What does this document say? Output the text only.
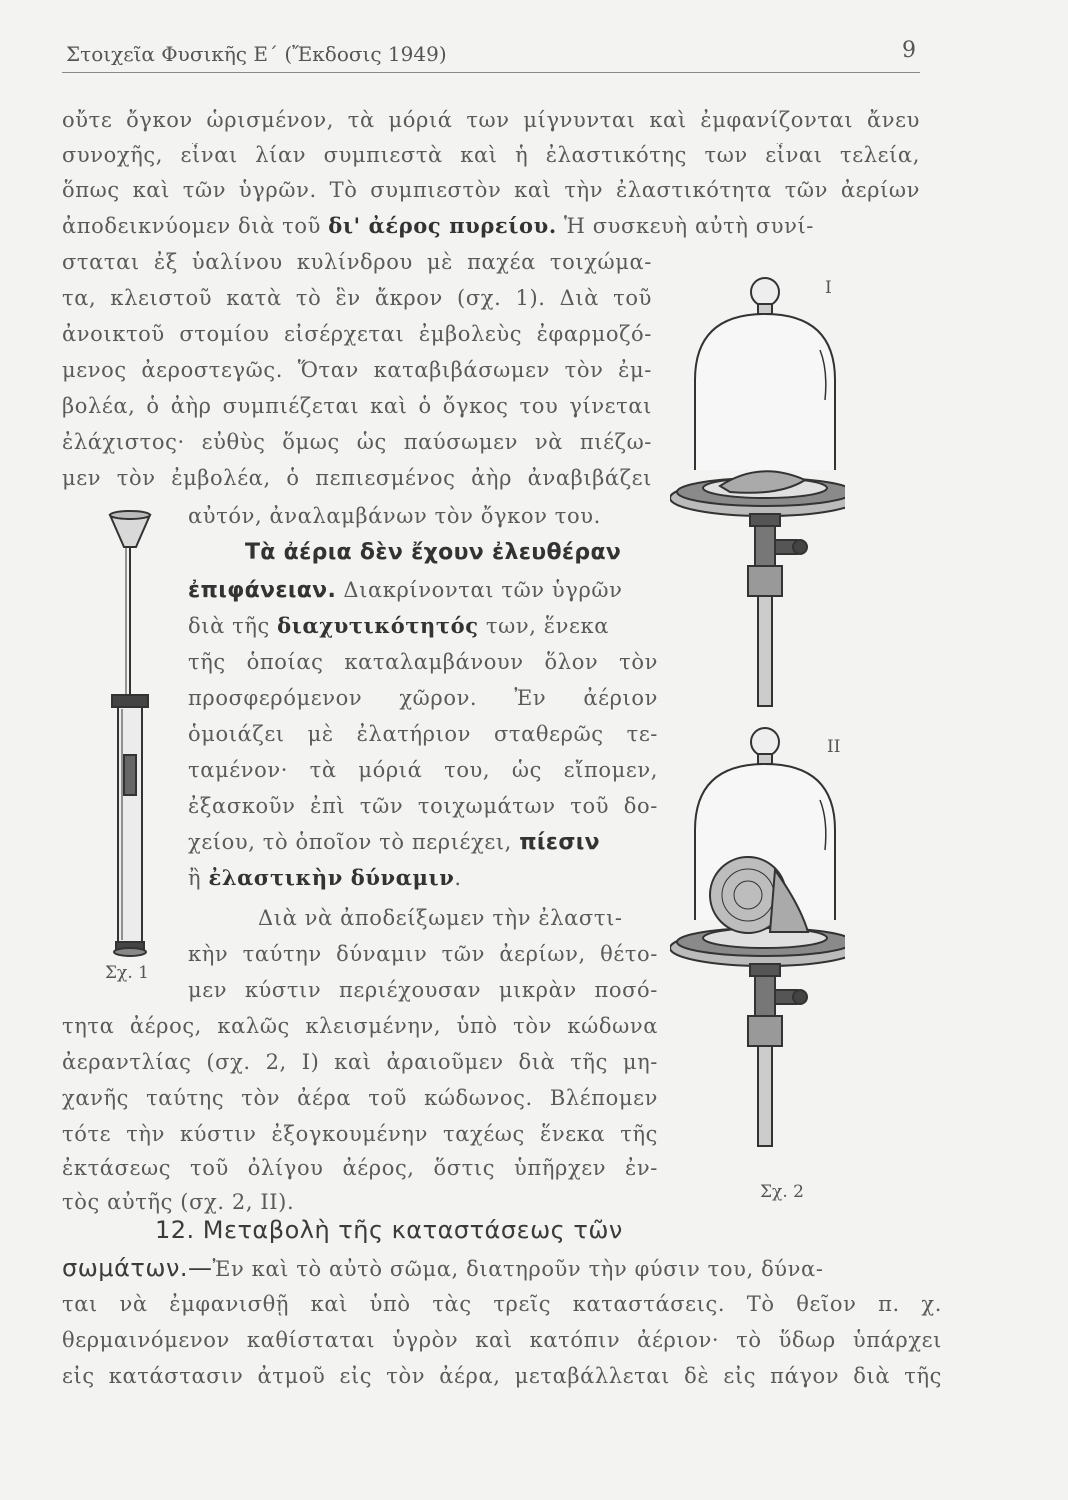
Στοιχεῖα Φυσικῆς Ε΄ (Ἔκδοσις 1949)	9
οὔτε ὄγκον ὡρισμένον, τὰ μόριά των μίγνυνται καὶ ἐμφανίζονται ἄνευ
συνοχῆς, εἶναι λίαν συμπιεστὰ καὶ ἡ ἐλαστικότης των εἶναι τελεία,
ὅπως καὶ τῶν ὑγρῶν. Τὸ συμπιεστὸν καὶ τὴν ἐλαστικότητα τῶν ἀερίων
ἀποδεικνύομεν διὰ τοῦ δι' ἀέρος πυρείου. Ἡ συσκευὴ αὐτὴ συνί-
σταται ἐξ ὑαλίνου κυλίνδρου μὲ παχέα τοιχώμα-
τα, κλειστοῦ κατὰ τὸ ἓν ἄκρον (σχ. 1). Διὰ τοῦ
ἀνοικτοῦ στομίου εἰσέρχεται ἐμβολεὺς ἐφαρμοζό-
μενος ἀεροστεγῶς. Ὅταν καταβιβάσωμεν τὸν ἐμ-
βολέα, ὁ ἀὴρ συμπιέζεται καὶ ὁ ὄγκος του γίνεται
ἐλάχιστος· εὐθὺς ὅμως ὡς παύσωμεν νὰ πιέζω-
μεν τὸν ἐμβολέα, ὁ πεπιεσμένος ἀὴρ ἀναβιβάζει
αὐτόν, ἀναλαμβάνων τὸν ὄγκον του.
Τὰ ἀέρια δὲν ἔχουν ἐλευθέραν
ἐπιφάνειαν. Διακρίνονται τῶν ὑγρῶν
διὰ τῆς διαχυτικότητός των, ἕνεκα
τῆς ὁποίας καταλαμβάνουν ὅλον τὸν
προσφερόμενον χῶρον. Ἐν ἀέριον
ὁμοιάζει μὲ ἐλατήριον σταθερῶς τε-
ταμένον· τὰ μόριά του, ὡς εἴπομεν,
ἐξασκοῦν ἐπὶ τῶν τοιχωμάτων τοῦ δο-
χείου, τὸ ὁποῖον τὸ περιέχει, πίεσιν
ἢ ἐλαστικὴν δύναμιν.
Διὰ νὰ ἀποδείξωμεν τὴν ἐλαστι-
κὴν ταύτην δύναμιν τῶν ἀερίων, θέτο-
μεν κύστιν περιέχουσαν μικρὰν ποσό-
τητα ἀέρος, καλῶς κλεισμένην, ὑπὸ τὸν κώδωνα
ἀεραντλίας (σχ. 2, Ι) καὶ ἀραιοῦμεν διὰ τῆς μη-
χανῆς ταύτης τὸν ἀέρα τοῦ κώδωνος. Βλέπομεν
τότε τὴν κύστιν ἐξογκουμένην ταχέως ἕνεκα τῆς
ἐκτάσεως τοῦ ὀλίγου ἀέρος, ὅστις ὑπῆρχεν ἐν-
τὸς αὐτῆς (σχ. 2, ΙΙ).
12. Μεταβολὴ τῆς καταστάσεως τῶν
σωμάτων.—Ἐν καὶ τὸ αὐτὸ σῶμα, διατηροῦν τὴν φύσιν του, δύνα-
ται νὰ ἐμφανισθῇ καὶ ὑπὸ τὰς τρεῖς καταστάσεις. Τὸ θεῖον π. χ.
θερμαινόμενον καθίσταται ὑγρὸν καὶ κατόπιν ἀέριον· τὸ ὕδωρ ὑπάρχει
εἰς κατάστασιν ἀτμοῦ εἰς τὸν ἀέρα, μεταβάλλεται δὲ εἰς πάγον διὰ τῆς
Σχ. 1
I
II
Σχ. 2
